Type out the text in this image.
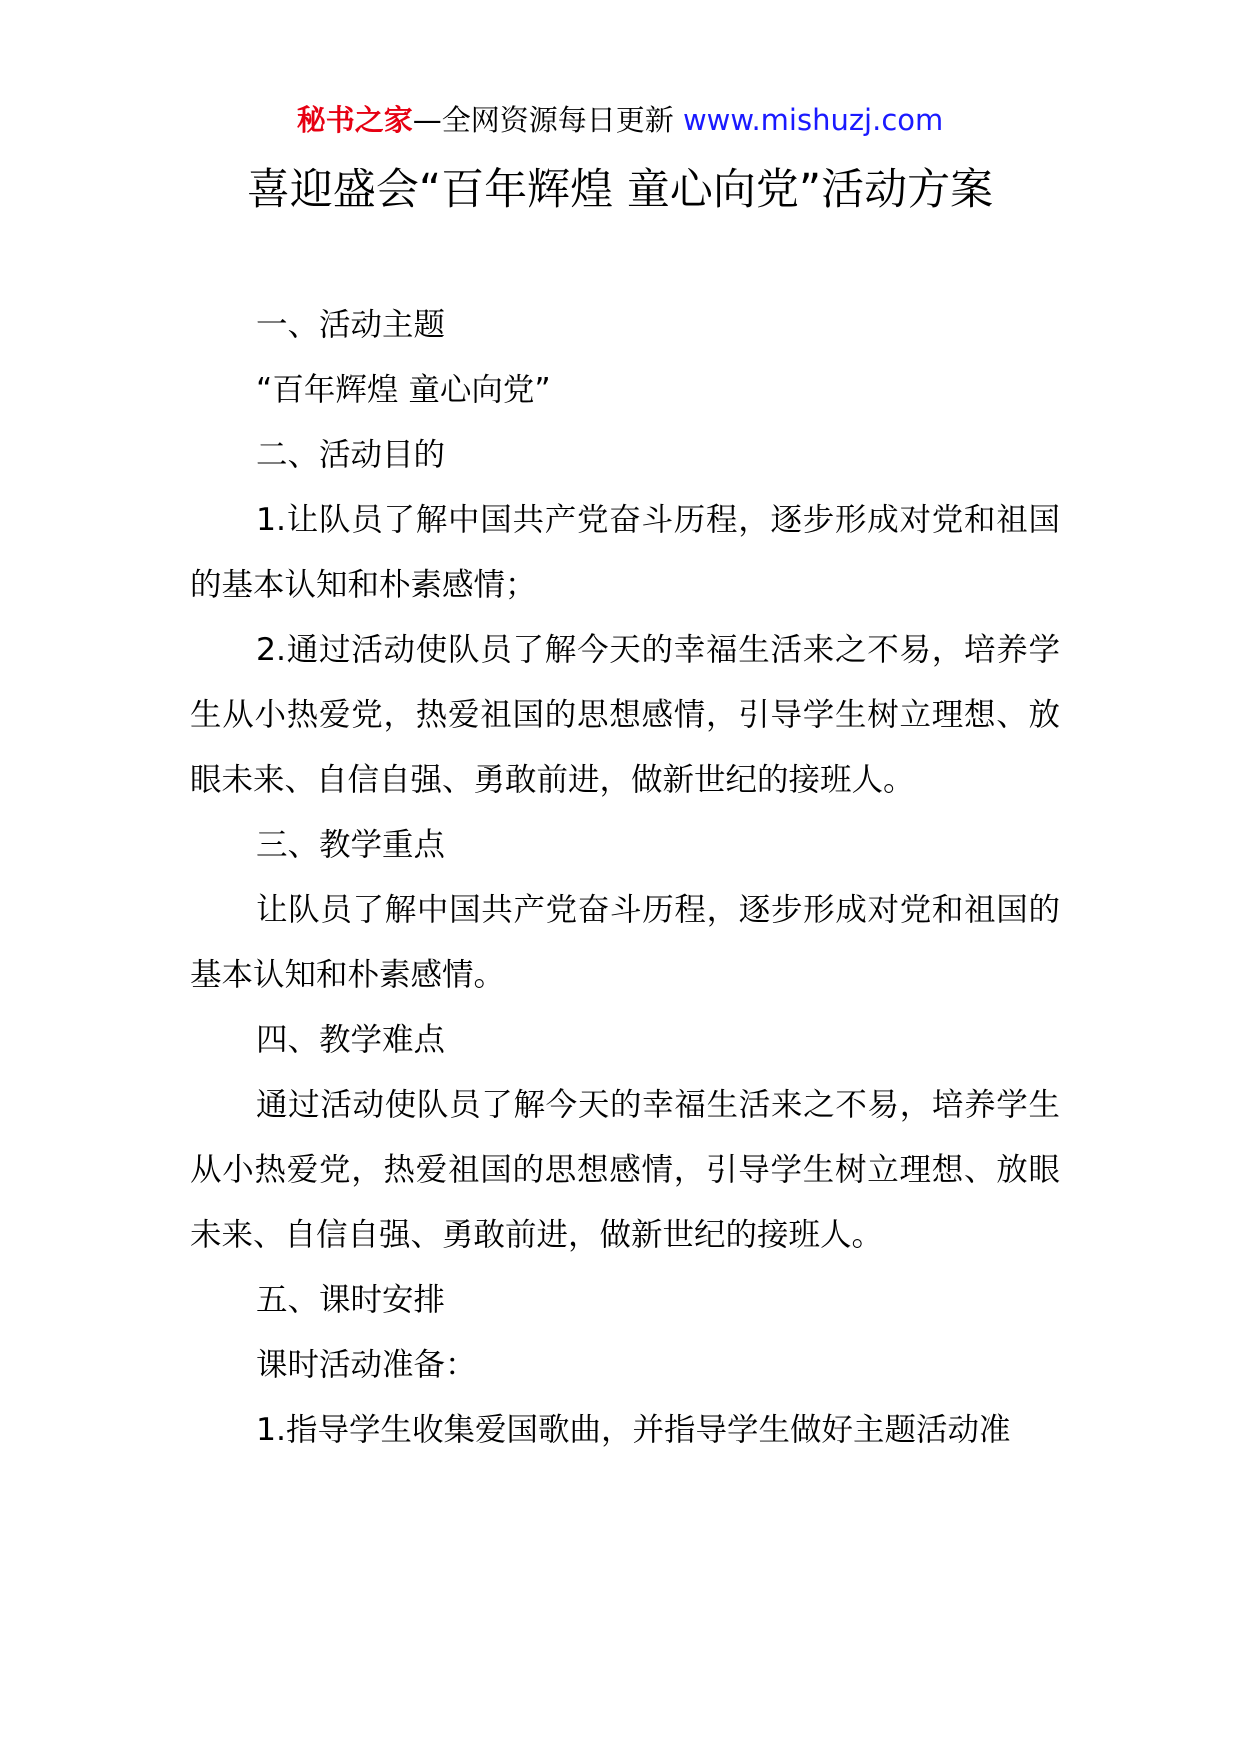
秘书之家—全网资源每日更新 www.mishuzj.com
喜迎盛会“百年辉煌 童心向党”活动方案

一、活动主题

“百年辉煌 童心向党”

二、活动目的

1.让队员了解中国共产党奋斗历程，逐步形成对党和祖国的基本认知和朴素感情；

2.通过活动使队员了解今天的幸福生活来之不易，培养学生从小热爱党，热爱祖国的思想感情，引导学生树立理想、放眼未来、自信自强、勇敢前进，做新世纪的接班人。

三、教学重点

让队员了解中国共产党奋斗历程，逐步形成对党和祖国的基本认知和朴素感情。

四、教学难点

通过活动使队员了解今天的幸福生活来之不易，培养学生从小热爱党，热爱祖国的思想感情，引导学生树立理想、放眼未来、自信自强、勇敢前进，做新世纪的接班人。

五、课时安排

课时活动准备：

1.指导学生收集爱国歌曲，并指导学生做好主题活动准
